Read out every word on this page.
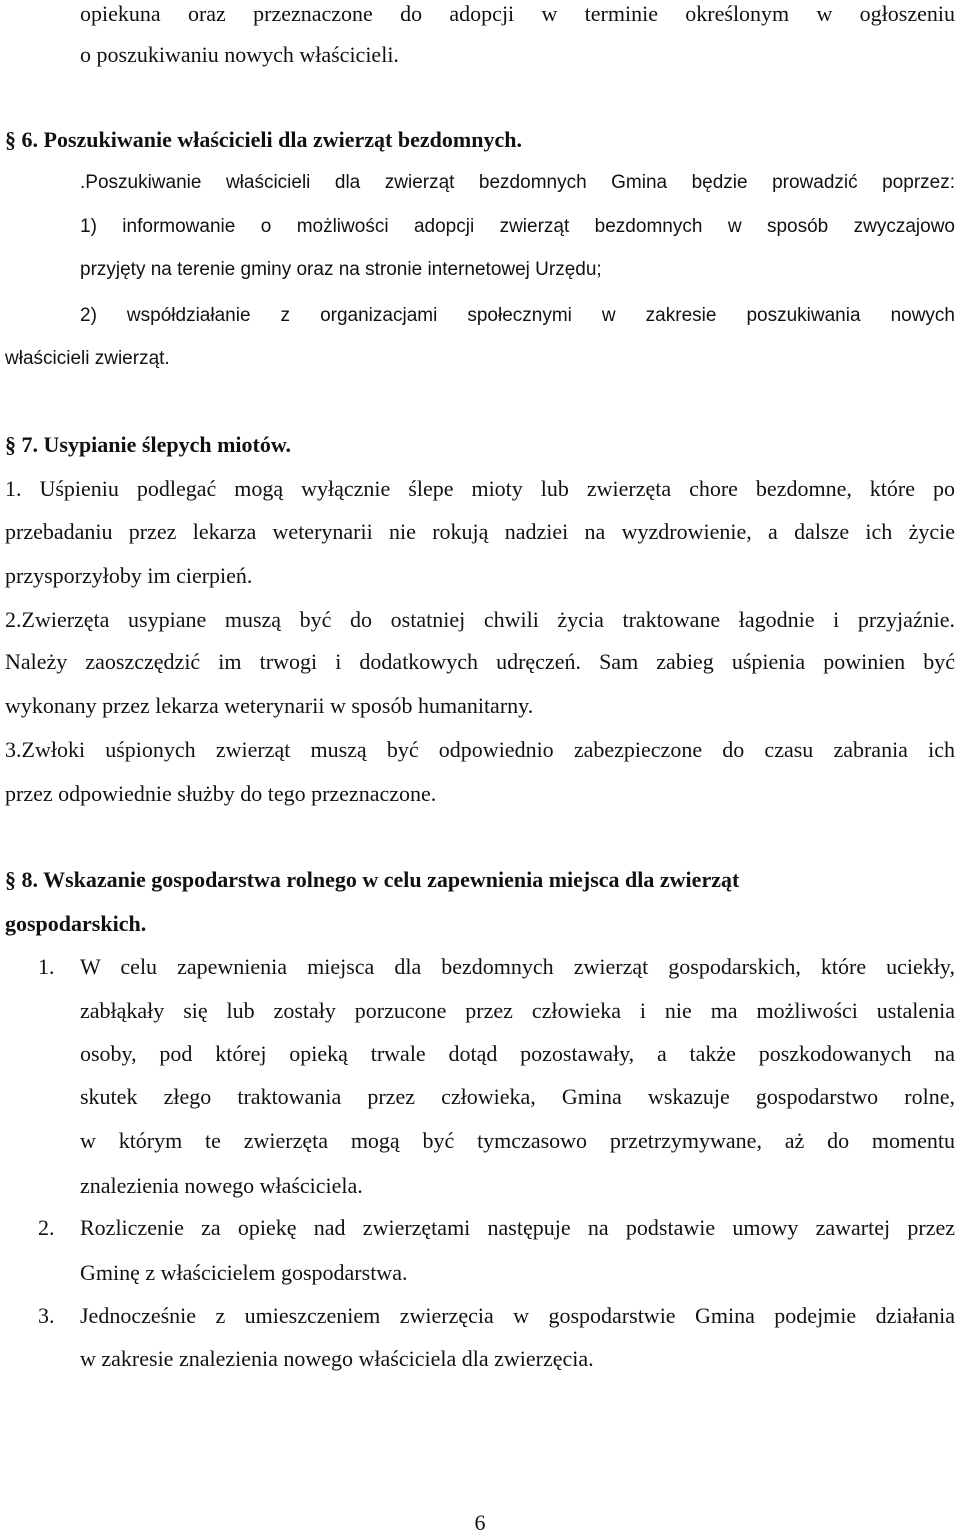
opiekuna oraz przeznaczone do adopcji w terminie określonym w ogłoszeniu
o poszukiwaniu nowych właścicieli.
§ 6. Poszukiwanie właścicieli dla zwierząt bezdomnych.
.Poszukiwanie właścicieli dla zwierząt bezdomnych Gmina będzie prowadzić poprzez:
1) informowanie o możliwości adopcji zwierząt bezdomnych w sposób zwyczajowo
przyjęty na terenie gminy oraz na stronie internetowej Urzędu;
2) współdziałanie z organizacjami społecznymi w zakresie poszukiwania nowych
właścicieli zwierząt.
§ 7. Usypianie ślepych miotów.
1. Uśpieniu podlegać mogą wyłącznie ślepe mioty lub zwierzęta chore bezdomne, które po
przebadaniu przez lekarza weterynarii nie rokują nadziei na wyzdrowienie, a dalsze ich życie
przysporzyłoby im cierpień.
2.Zwierzęta usypiane muszą być do ostatniej chwili życia traktowane łagodnie i przyjaźnie.
Należy zaoszczędzić im trwogi i dodatkowych udręczeń. Sam zabieg uśpienia powinien być
wykonany przez lekarza weterynarii w sposób humanitarny.
3.Zwłoki uśpionych zwierząt muszą być odpowiednio zabezpieczone do czasu zabrania ich
przez odpowiednie służby do tego przeznaczone.
§ 8. Wskazanie gospodarstwa rolnego w celu zapewnienia miejsca dla zwierząt
gospodarskich.
1.	W celu zapewnienia miejsca dla bezdomnych zwierząt gospodarskich, które uciekły,
zabłąkały się lub zostały porzucone przez człowieka i nie ma możliwości ustalenia
osoby, pod której opieką trwale dotąd pozostawały, a także poszkodowanych na
skutek złego traktowania przez człowieka, Gmina wskazuje gospodarstwo rolne,
w którym te zwierzęta mogą być tymczasowo przetrzymywane, aż do momentu
znalezienia nowego właściciela.
2.	Rozliczenie za opiekę nad zwierzętami następuje na podstawie umowy zawartej przez
Gminę z właścicielem gospodarstwa.
3.	Jednocześnie z umieszczeniem zwierzęcia w gospodarstwie Gmina podejmie działania
w zakresie znalezienia nowego właściciela dla zwierzęcia.
6
